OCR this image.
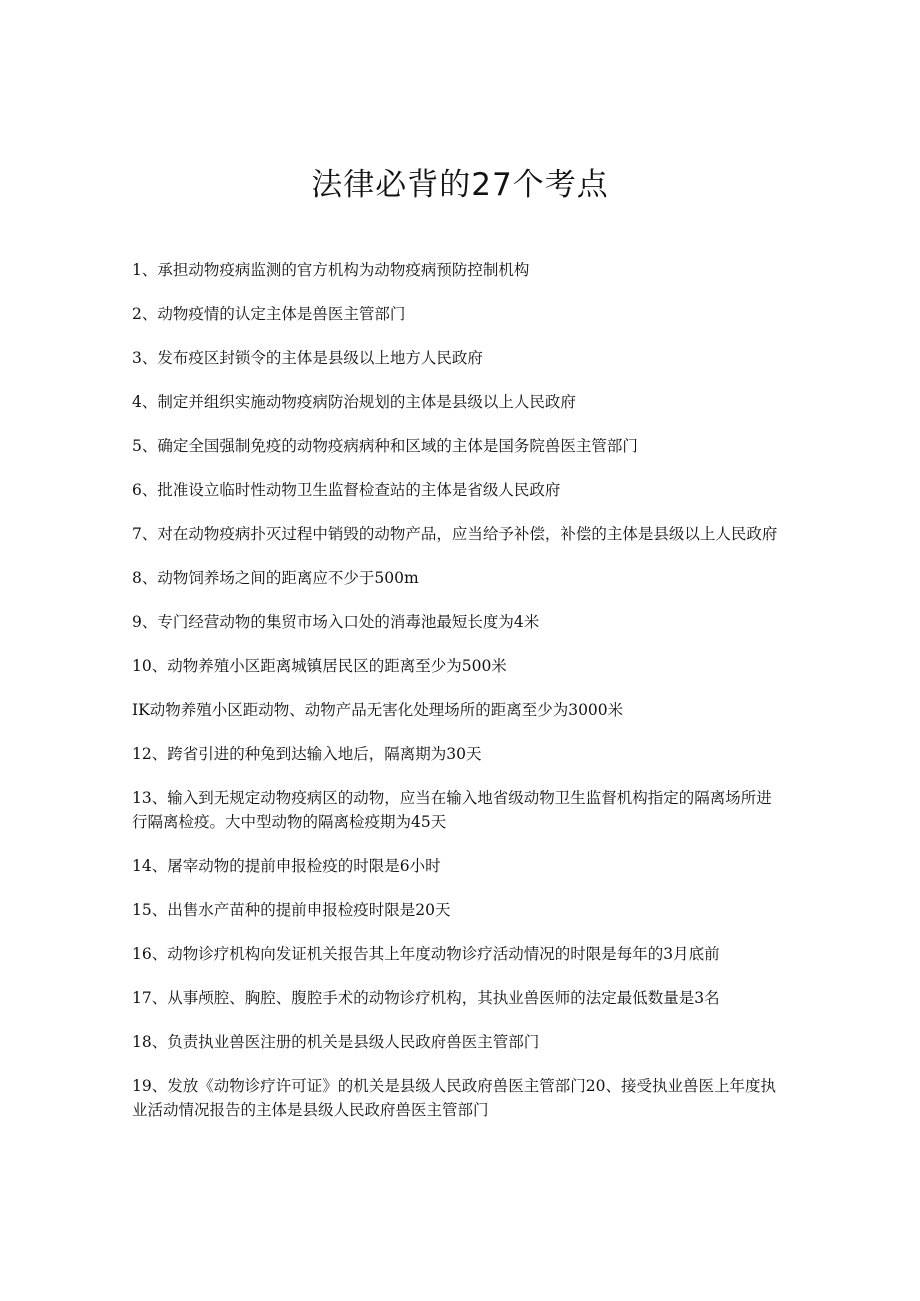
法律必背的27个考点
1、承担动物疫病监测的官方机构为动物疫病预防控制机构
2、动物疫情的认定主体是兽医主管部门
3、发布疫区封锁令的主体是县级以上地方人民政府
4、制定并组织实施动物疫病防治规划的主体是县级以上人民政府
5、确定全国强制免疫的动物疫病病种和区域的主体是国务院兽医主管部门
6、批准设立临时性动物卫生监督检查站的主体是省级人民政府
7、对在动物疫病扑灭过程中销毁的动物产品，应当给予补偿，补偿的主体是县级以上人民政府
8、动物饲养场之间的距离应不少于500m
9、专门经营动物的集贸市场入口处的消毒池最短长度为4米
10、动物养殖小区距离城镇居民区的距离至少为500米
IK动物养殖小区距动物、动物产品无害化处理场所的距离至少为3000米
12、跨省引进的种兔到达输入地后，隔离期为30天
13、输入到无规定动物疫病区的动物，应当在输入地省级动物卫生监督机构指定的隔离场所进行隔离检疫。大中型动物的隔离检疫期为45天
14、屠宰动物的提前申报检疫的时限是6小时
15、出售水产苗种的提前申报检疫时限是20天
16、动物诊疗机构向发证机关报告其上年度动物诊疗活动情况的时限是每年的3月底前
17、从事颅腔、胸腔、腹腔手术的动物诊疗机构，其执业兽医师的法定最低数量是3名
18、负责执业兽医注册的机关是县级人民政府兽医主管部门
19、发放《动物诊疗许可证》的机关是县级人民政府兽医主管部门20、接受执业兽医上年度执业活动情况报告的主体是县级人民政府兽医主管部门
